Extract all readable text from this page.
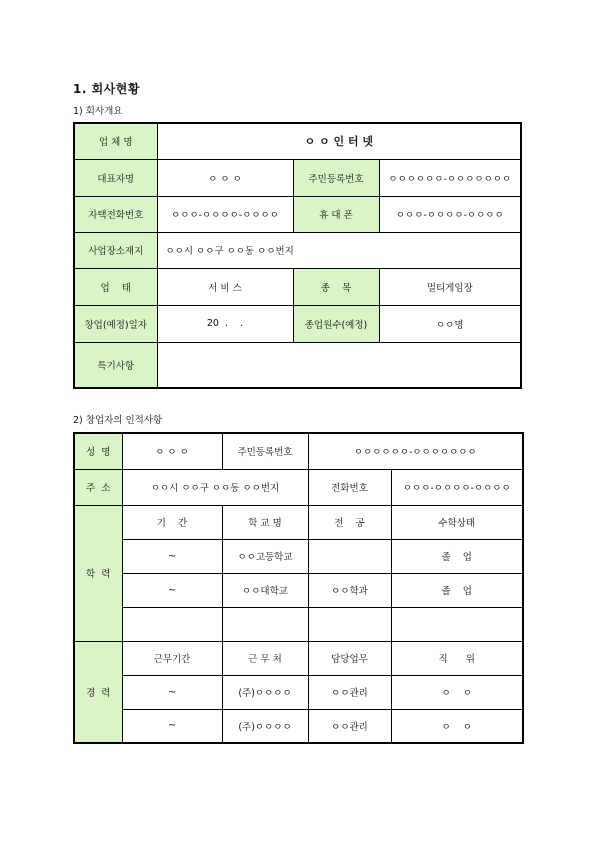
1. 회사현황
1) 회사개요
업 체 명	ㅇ ㅇ 인 터 넷		
대표자명	ㅇ ㅇ ㅇ	주민등록번호	ㅇㅇㅇㅇㅇㅇ-ㅇㅇㅇㅇㅇㅇㅇ
자택전화번호	ㅇㅇㅇ-ㅇㅇㅇㅇ-ㅇㅇㅇㅇ	휴 대 폰	ㅇㅇㅇ-ㅇㅇㅇㅇ-ㅇㅇㅇㅇ
사업장소재지	ㅇㅇ시 ㅇㅇ구 ㅇㅇ동 ㅇㅇ번지		
업    태	서 비 스	종    목	멀티게임장
창업(예정)일자	20  .    .	종업원수(예정)	ㅇㅇ명
특기사항			
2) 창업자의 인적사항
성  명	ㅇ ㅇ ㅇ	주민등록번호	ㅇㅇㅇㅇㅇㅇ-ㅇㅇㅇㅇㅇㅇㅇ	
주  소	ㅇㅇ시 ㅇㅇ구 ㅇㅇ동 ㅇㅇ번지		전화번호	ㅇㅇㅇ-ㅇㅇㅇㅇ-ㅇㅇㅇㅇ
학  력	기    간	학 교 명	전    공	수학상태
	~	ㅇㅇ고등학교		졸    업
	~	ㅇㅇ대학교	ㅇㅇ학과	졸    업

경  력	근무기간	근 무 처	담당업무	직      위
	~	(주)ㅇㅇㅇㅇ	ㅇㅇ관리	ㅇ    ㅇ
	~	(주)ㅇㅇㅇㅇ	ㅇㅇ관리	ㅇ    ㅇ
